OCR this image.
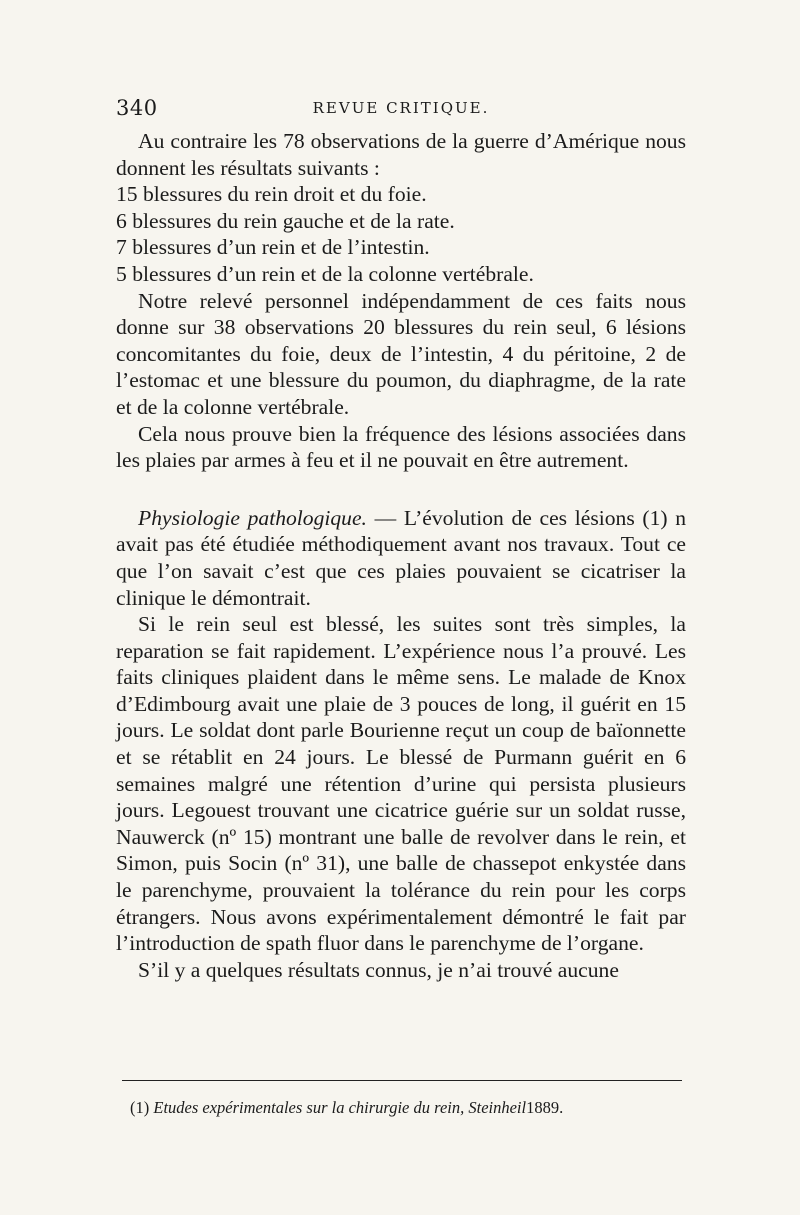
340	REVUE CRITIQUE.

Au contraire les 78 observations de la guerre d’Amérique nous donnent les résultats suivants :

15 blessures du rein droit et du foie.

6 blessures du rein gauche et de la rate.

7 blessures d’un rein et de l’intestin.

5 blessures d’un rein et de la colonne vertébrale.

Notre relevé personnel indépendamment de ces faits nous donne sur 38 observations 20 blessures du rein seul, 6 lésions concomitantes du foie, deux de l’intestin, 4 du péritoine, 2 de l’estomac et une blessure du poumon, du diaphragme, de la rate et de la colonne vertébrale.

Cela nous prouve bien la fréquence des lésions associées dans les plaies par armes à feu et il ne pouvait en être autrement.

Physiologie pathologique. — L’évolution de ces lésions (1) n avait pas été étudiée méthodiquement avant nos travaux. Tout ce que l’on savait c’est que ces plaies pouvaient se cicatriser la clinique le démontrait.

Si le rein seul est blessé, les suites sont très simples, la reparation se fait rapidement. L’expérience nous l’a prouvé. Les faits cliniques plaident dans le même sens. Le malade de Knox d’Edimbourg avait une plaie de 3 pouces de long, il guérit en 15 jours. Le soldat dont parle Bourienne reçut un coup de baïonnette et se rétablit en 24 jours. Le blessé de Purmann guérit en 6 semaines malgré une rétention d’urine qui persista plusieurs jours. Legouest trouvant une cicatrice guérie sur un soldat russe, Nauwerck (nº 15) montrant une balle de revolver dans le rein, et Simon, puis Socin (nº 31), une balle de chassepot enkystée dans le parenchyme, prouvaient la tolérance du rein pour les corps étrangers. Nous avons expérimentalement démontré le fait par l’introduction de spath fluor dans le parenchyme de l’organe.

S’il y a quelques résultats connus, je n’ai trouvé aucune

(1) Etudes expérimentales sur la chirurgie du rein, Steinheil1889.
